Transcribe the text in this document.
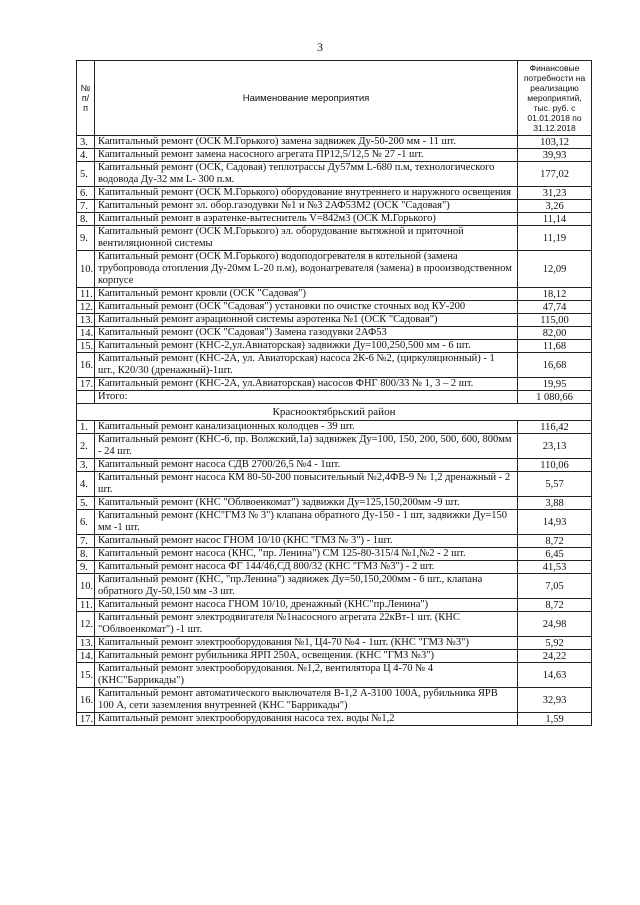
3
№ п/п	Наименование мероприятия	Финансовые потребности на реализацию мероприятий, тыс. руб. с 01.01.2018 по 31.12.2018
3.	Капитальный ремонт (ОСК М.Горького) замена задвижек Ду-50-200 мм - 11 шт.	103,12
4.	Капитальный ремонт замена насосного агрегата ПР12,5/12,5 № 27 -1 шт.	39,93
5.	Капитальный ремонт (ОСК, Садовая) теплотрассы Ду57мм L-680 п.м, технологического водовода Ду-32 мм L- 300 п.м.	177,02
6.	Капитальный ремонт (ОСК М.Горького) оборудование внутреннего и наружного освещения	31,23
7.	Капитальный ремонт эл. обор.газодувки №1 и №3 2АФ53М2 (ОСК "Садовая")	3,26
8.	Капитальный ремонт в аэратенке-вытеснитель V=842м3 (ОСК М.Горького)	11,14
9.	Капитальный ремонт (ОСК М.Горького) эл. оборудование вытяжной и приточной вентиляционной системы	11,19
10.	Капитальный ремонт (ОСК М.Горького) водоподогревателя в котельной (замена трубопровода отопления Ду-20мм L-20 п.м), водонагревателя (замена) в прооизводственном корпусе	12,09
11.	Капитальный ремонт кровли (ОСК "Садовая")	18,12
12.	Капитальный ремонт (ОСК "Садовая") установки по очистке сточных вод КУ-200	47,74
13.	Капитальный ремонт аэрационной системы аэротенка №1 (ОСК "Садовая")	115,00
14.	Капитальный ремонт (ОСК "Садовая") Замена газодувки 2АФ53	82,00
15.	Капитальный ремонт (КНС-2,ул.Авиаторская) задвижки Ду=100,250,500 мм - 6 шт.	11,68
16.	Капитальный ремонт (КНС-2А, ул. Авиаторская) насоса 2К-6 №2, (циркуляционный) - 1 шт., К20/30 (дренажный)-1шт.	16,68
17.	Капитальный ремонт (КНС-2А, ул.Авиаторская) насосов ФНГ 800/33 № 1, 3 – 2 шт.	19,95
	Итого:	1 080,66
Краснооктябрьский район		
1.	Капитальный ремонт канализационных колодцев - 39 шт.	116,42
2.	Капитальный ремонт (КНС-6, пр. Волжский,1а) задвижек Ду=100, 150, 200, 500, 600, 800мм - 24 шт.	23,13
3.	Капитальный ремонт насоса СДВ 2700/26,5 №4 - 1шт.	110,06
4.	Капитальный ремонт насоса КМ 80-50-200 повысительный №2,4ФВ-9 № 1,2 дренажный - 2 шт.	5,57
5.	Капитальный ремонт (КНС "Облвоенкомат") задвижки Ду=125,150,200мм -9 шт.	3,88
6.	Капитальный ремонт (КНС"ГМЗ № 3") клапана обратного Ду-150 - 1 шт, задвижки Ду=150 мм -1 шт.	14,93
7.	Капитальный ремонт насос ГНОМ 10/10 (КНС "ГМЗ № 3") - 1шт.	8,72
8.	Капитальный ремонт насоса (КНС, "пр. Ленина") СМ 125-80-315/4 №1,№2 - 2 шт.	6,45
9.	Капитальный ремонт насоса ФГ 144/46,СД 800/32 (КНС "ГМЗ №3") - 2 шт.	41,53
10.	Капитальный ремонт (КНС, "пр.Ленина") задвижек Ду=50,150,200мм - 6 шт., клапана обратного Ду-50,150 мм -3 шт.	7,05
11.	Капитальный ремонт насоса ГНОМ 10/10, дренажный (КНС"пр.Ленина")	8,72
12.	Капитальный ремонт электродвигателя №1насосного агрегата 22кВт-1 шт. (КНС "Облвоенкомат") -1 шт.	24,98
13.	Капитальный ремонт электрооборудования №1, Ц4-70 №4 - 1шт. (КНС "ГМЗ №3")	5,92
14.	Капитальный ремонт рубильника ЯРП 250А, освещения. (КНС "ГМЗ №3")	24,22
15.	Капитальный ремонт электрооборудования. №1,2, вентилятора Ц 4-70 № 4 (КНС"Баррикады")	14,63
16.	Капитальный ремонт автоматического выключателя В-1,2 А-3100 100А, рубильника ЯРВ 100 А, сети заземления внутренней (КНС "Баррикады")	32,93
17.	Капитальный ремонт электрооборудования насоса тех. воды №1,2	1,59
